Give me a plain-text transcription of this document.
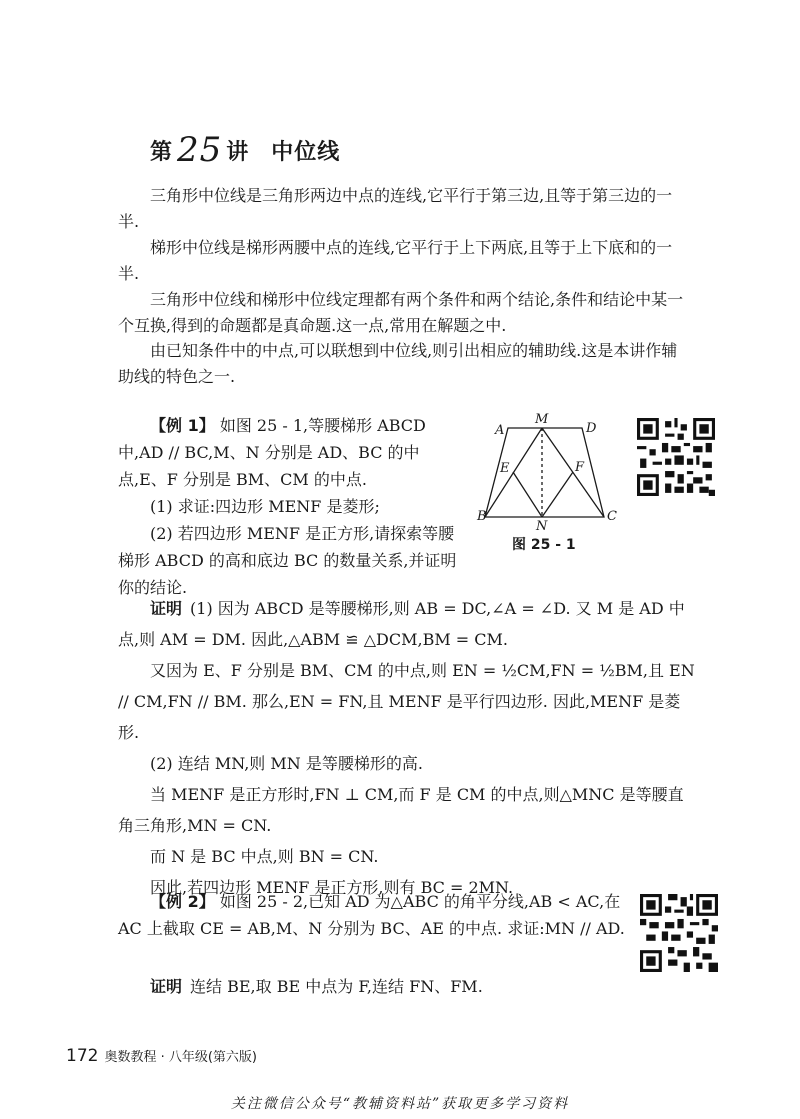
第 25 讲 中位线

三角形中位线是三角形两边中点的连线,它平行于第三边,且等于第三边的一半.

梯形中位线是梯形两腰中点的连线,它平行于上下两底,且等于上下底和的一半.

三角形中位线和梯形中位线定理都有两个条件和两个结论,条件和结论中某一个互换,得到的命题都是真命题.这一点,常用在解题之中.

由已知条件中的中点,可以联想到中位线,则引出相应的辅助线.这是本讲作辅助线的特色之一.

【例 1】 如图 25 - 1,等腰梯形 ABCD 中,AD // BC,M、N 分别是 AD、BC 的中点,E、F 分别是 BM、CM 的中点.

(1) 求证:四边形 MENF 是菱形;

(2) 若四边形 MENF 是正方形,请探索等腰梯形 ABCD 的高和底边 BC 的数量关系,并证明你的结论.

A
M
D
E	F
B
N
C
图 25 - 1

证明 (1) 因为 ABCD 是等腰梯形,则 AB = DC,∠A = ∠D. 又 M 是 AD 中点,则 AM = DM. 因此,△ABM ≌ △DCM,BM = CM.

又因为 E、F 分别是 BM、CM 的中点,则 EN = ½CM,FN = ½BM,且 EN // CM,FN // BM. 那么,EN = FN,且 MENF 是平行四边形. 因此,MENF 是菱形.

(2) 连结 MN,则 MN 是等腰梯形的高.

当 MENF 是正方形时,FN ⊥ CM,而 F 是 CM 的中点,则△MNC 是等腰直角三角形,MN = CN.

而 N 是 BC 中点,则 BN = CN.

因此,若四边形 MENF 是正方形,则有 BC = 2MN.

【例 2】 如图 25 - 2,已知 AD 为△ABC 的角平分线,AB < AC,在 AC 上截取 CE = AB,M、N 分别为 BC、AE 的中点. 求证:MN // AD.

证明 连结 BE,取 BE 中点为 F,连结 FN、FM.
172 奥数教程 · 八年级(第六版)
关注微信公众号“教辅资料站”获取更多学习资料
